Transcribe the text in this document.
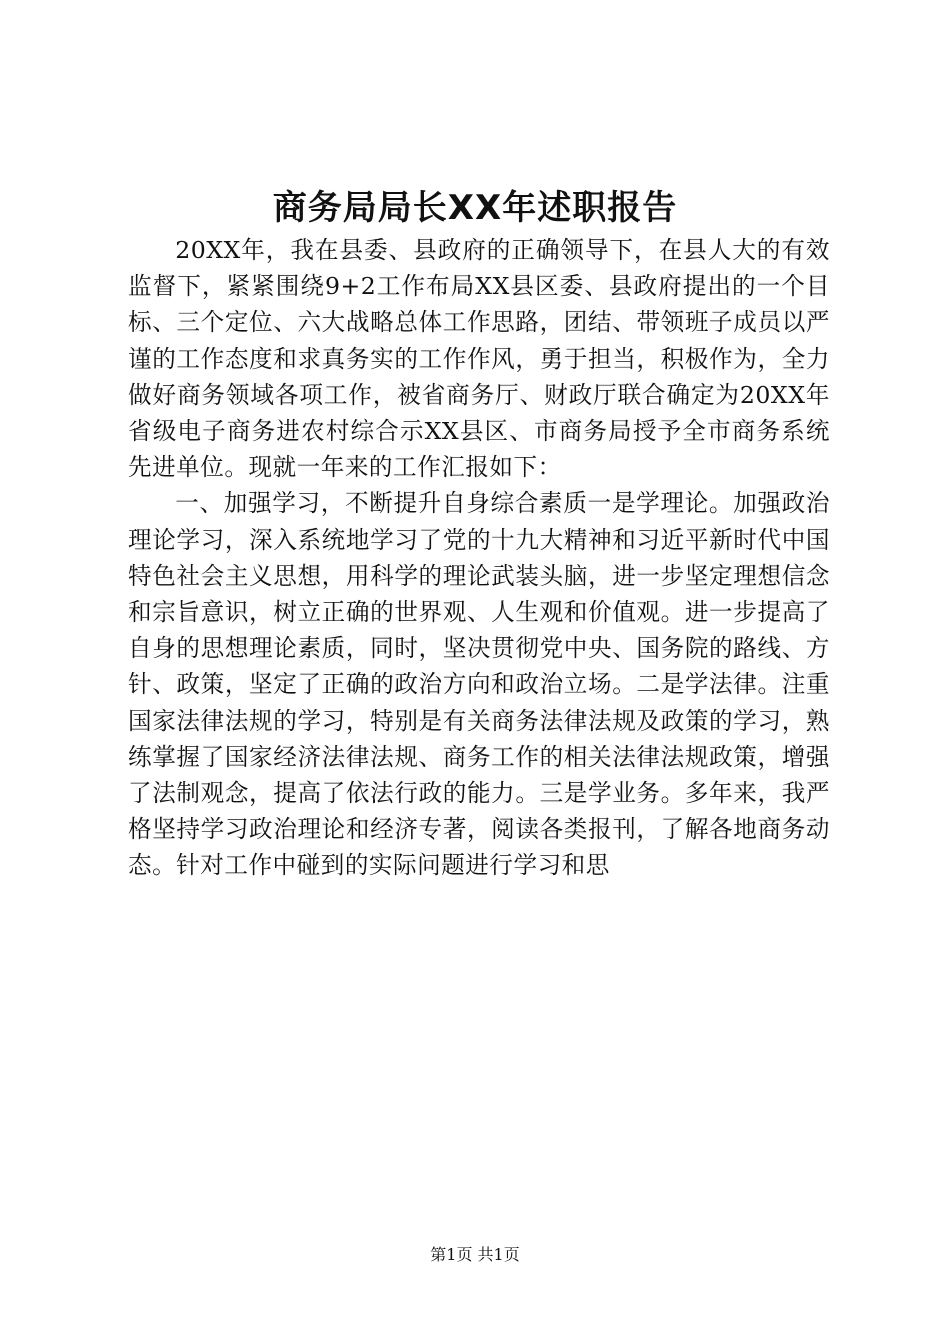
商务局局长XX年述职报告

20XX年，我在县委、县政府的正确领导下，在县人大的有效监督下，紧紧围绕9+2工作布局XX县区委、县政府提出的一个目标、三个定位、六大战略总体工作思路，团结、带领班子成员以严谨的工作态度和求真务实的工作作风，勇于担当，积极作为，全力做好商务领域各项工作，被省商务厅、财政厅联合确定为20XX年省级电子商务进农村综合示XX县区、市商务局授予全市商务系统先进单位。现就一年来的工作汇报如下：

一、加强学习，不断提升自身综合素质一是学理论。加强政治理论学习，深入系统地学习了党的十九大精神和习近平新时代中国特色社会主义思想，用科学的理论武装头脑，进一步坚定理想信念和宗旨意识，树立正确的世界观、人生观和价值观。进一步提高了自身的思想理论素质，同时，坚决贯彻党中央、国务院的路线、方针、政策，坚定了正确的政治方向和政治立场。二是学法律。注重国家法律法规的学习，特别是有关商务法律法规及政策的学习，熟练掌握了国家经济法律法规、商务工作的相关法律法规政策，增强了法制观念，提高了依法行政的能力。三是学业务。多年来，我严格坚持学习政治理论和经济专著，阅读各类报刊，了解各地商务动态。针对工作中碰到的实际问题进行学习和思

第1页 共1页
